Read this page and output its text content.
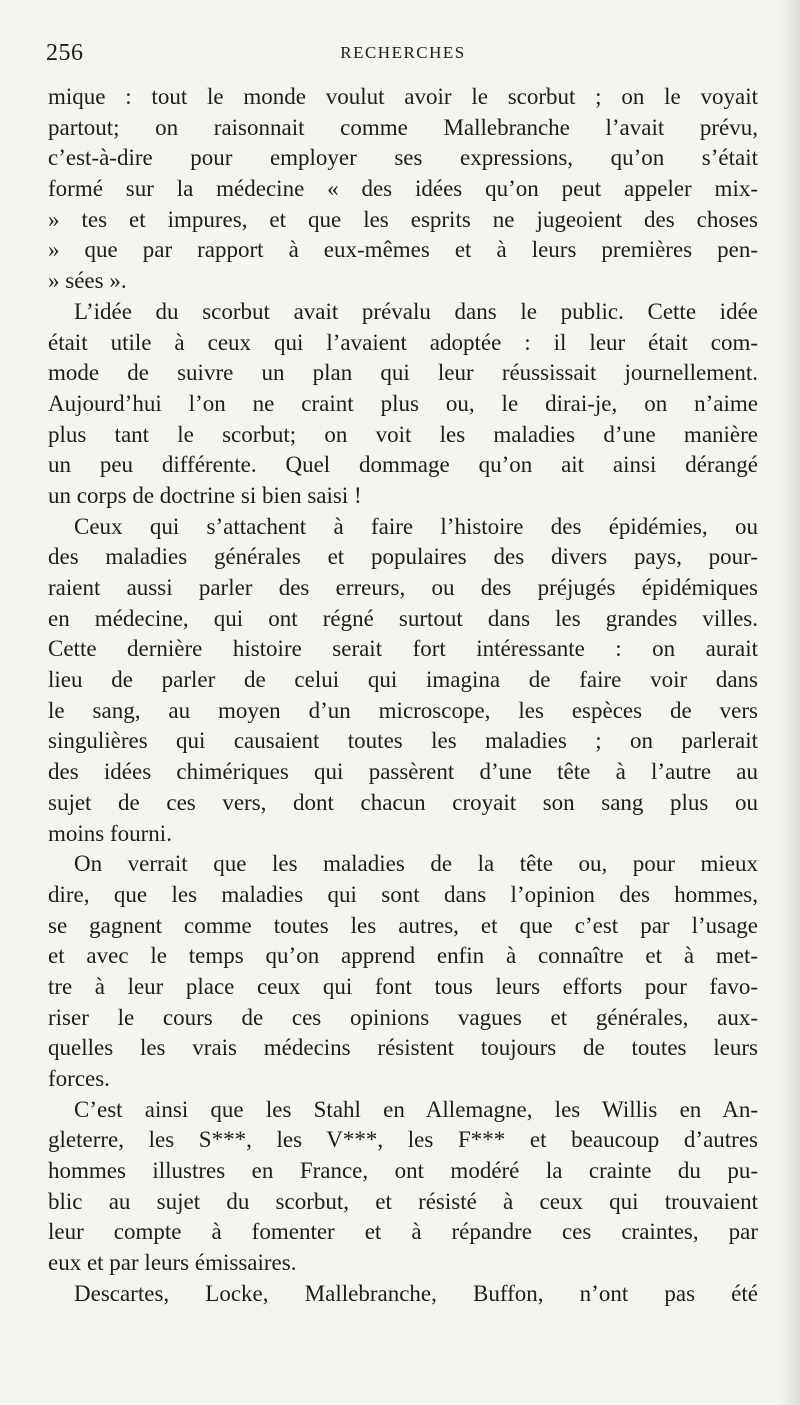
256	RECHERCHES
mique : tout le monde voulut avoir le scorbut ; on le voyait
partout; on raisonnait comme Mallebranche l’avait prévu,
c’est-à-dire pour employer ses expressions, qu’on s’était
formé sur la médecine « des idées qu’on peut appeler mix-
» tes et impures, et que les esprits ne jugeoient des choses
» que par rapport à eux-mêmes et à leurs premières pen-
» sées ».
L’idée du scorbut avait prévalu dans le public. Cette idée
était utile à ceux qui l’avaient adoptée : il leur était com-
mode de suivre un plan qui leur réussissait journellement.
Aujourd’hui l’on ne craint plus ou, le dirai-je, on n’aime
plus tant le scorbut; on voit les maladies d’une manière
un peu différente. Quel dommage qu’on ait ainsi dérangé
un corps de doctrine si bien saisi !
Ceux qui s’attachent à faire l’histoire des épidémies, ou
des maladies générales et populaires des divers pays, pour-
raient aussi parler des erreurs, ou des préjugés épidémiques
en médecine, qui ont régné surtout dans les grandes villes.
Cette dernière histoire serait fort intéressante : on aurait
lieu de parler de celui qui imagina de faire voir dans
le sang, au moyen d’un microscope, les espèces de vers
singulières qui causaient toutes les maladies ; on parlerait
des idées chimériques qui passèrent d’une tête à l’autre au
sujet de ces vers, dont chacun croyait son sang plus ou
moins fourni.
On verrait que les maladies de la tête ou, pour mieux
dire, que les maladies qui sont dans l’opinion des hommes,
se gagnent comme toutes les autres, et que c’est par l’usage
et avec le temps qu’on apprend enfin à connaître et à met-
tre à leur place ceux qui font tous leurs efforts pour favo-
riser le cours de ces opinions vagues et générales, aux-
quelles les vrais médecins résistent toujours de toutes leurs
forces.
C’est ainsi que les Stahl en Allemagne, les Willis en An-
gleterre, les S***, les V***, les F*** et beaucoup d’autres
hommes illustres en France, ont modéré la crainte du pu-
blic au sujet du scorbut, et résisté à ceux qui trouvaient
leur compte à fomenter et à répandre ces craintes, par
eux et par leurs émissaires.
Descartes, Locke, Mallebranche, Buffon, n’ont pas été
